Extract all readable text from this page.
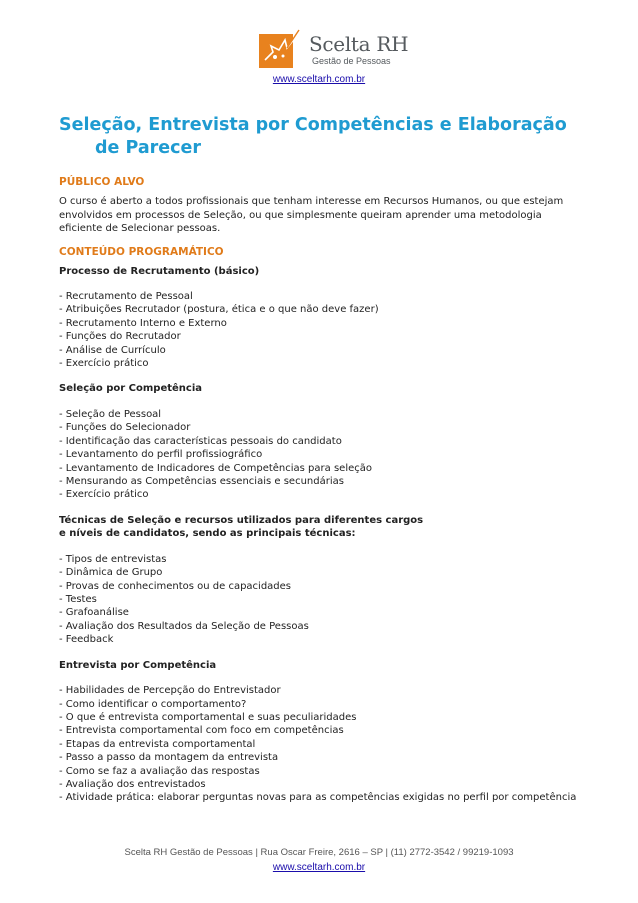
Scelta RH
Gestão de Pessoas
www.sceltarh.com.br
Seleção, Entrevista por Competências e Elaboração de Parecer
PÚBLICO ALVO

O curso é aberto a todos profissionais que tenham interesse em Recursos Humanos, ou que estejam envolvidos em processos de Seleção, ou que simplesmente queiram aprender uma metodologia eficiente de Selecionar pessoas.

CONTEÚDO PROGRAMÁTICO
Processo de Recrutamento (básico)
- Recrutamento de Pessoal
- Atribuições Recrutador (postura, ética e o que não deve fazer)
- Recrutamento Interno e Externo
- Funções do Recrutador
- Análise de Currículo
- Exercício prático
Seleção por Competência
- Seleção de Pessoal
- Funções do Selecionador
- Identificação das características pessoais do candidato
- Levantamento do perfil profissiográfico
- Levantamento de Indicadores de Competências para seleção
- Mensurando as Competências essenciais e secundárias
- Exercício prático
Técnicas de Seleção e recursos utilizados para diferentes cargos
e níveis de candidatos, sendo as principais técnicas:
- Tipos de entrevistas
- Dinâmica de Grupo
- Provas de conhecimentos ou de capacidades
- Testes
- Grafoanálise
- Avaliação dos Resultados da Seleção de Pessoas
- Feedback
Entrevista por Competência
- Habilidades de Percepção do Entrevistador
- Como identificar o comportamento?
- O que é entrevista comportamental e suas peculiaridades
- Entrevista comportamental com foco em competências
- Etapas da entrevista comportamental
- Passo a passo da montagem da entrevista
- Como se faz a avaliação das respostas
- Avaliação dos entrevistados
- Atividade prática: elaborar perguntas novas para as competências exigidas no perfil por competência
Scelta RH Gestão de Pessoas | Rua Oscar Freire, 2616 – SP | (11) 2772-3542 / 99219-1093
www.sceltarh.com.br
